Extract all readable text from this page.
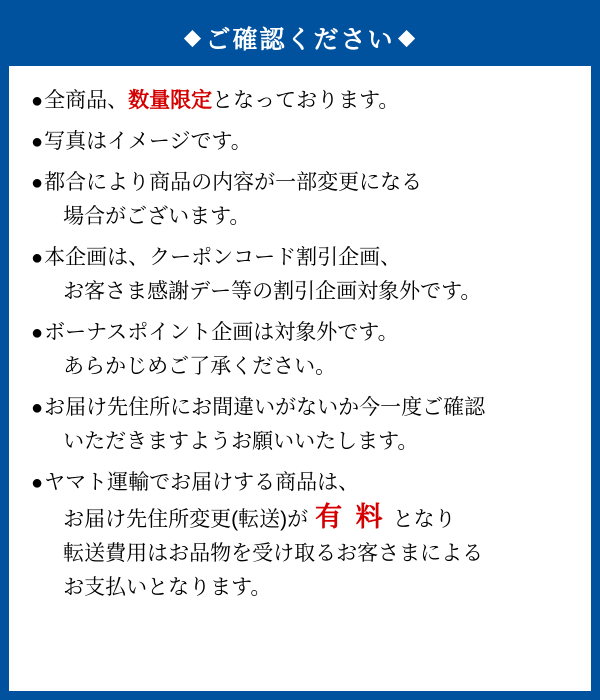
◆ ご確認ください ◆
● 全商品、数量限定となっております。
● 写真はイメージです。
● 都合により商品の内容が一部変更になる
場合がございます。
● 本企画は、クーポンコード割引企画、
お客さま感謝デー等の割引企画対象外です。
● ボーナスポイント企画は対象外です。
あらかじめご了承ください。
● お届け先住所にお間違いがないか今一度ご確認
いただきますようお願いいたします。
● ヤマト運輸でお届けする商品は、
お届け先住所変更(転送)が 有 料 となり
転送費用はお品物を受け取るお客さまによる
お支払いとなります。
